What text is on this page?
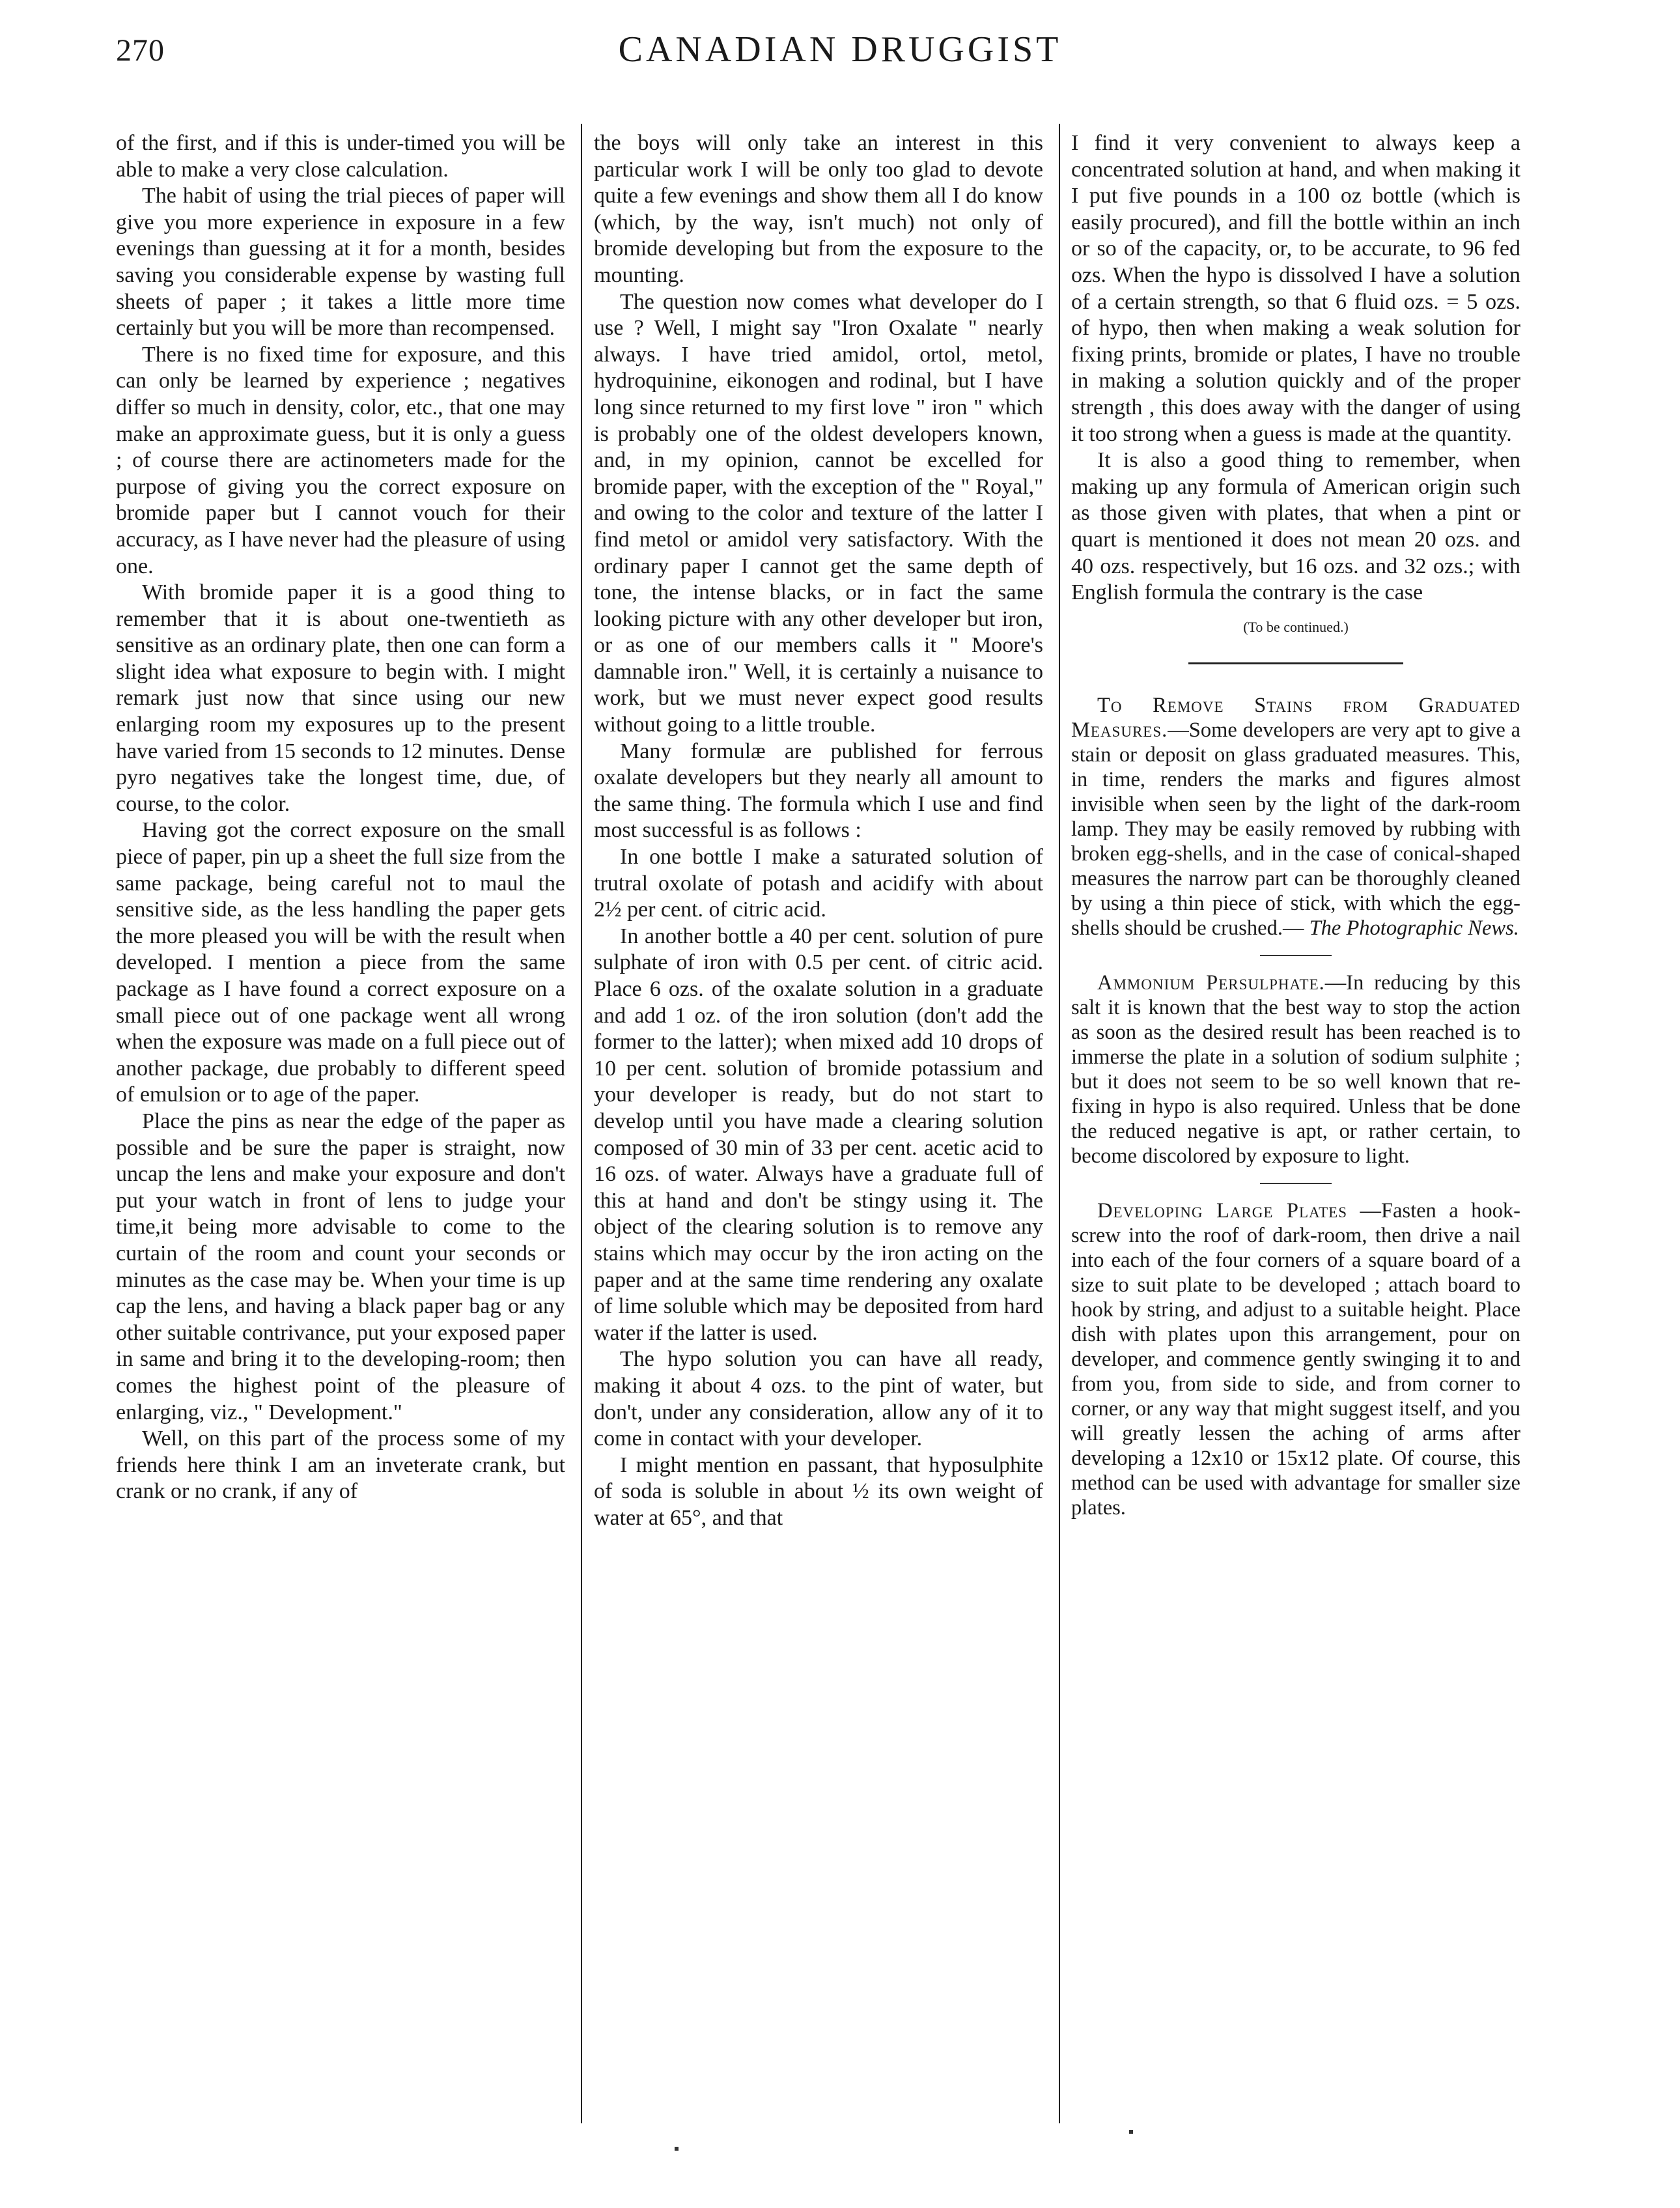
270	CANADIAN DRUGGIST

of the first, and if this is under-timed you will be able to make a very close calculation.

The habit of using the trial pieces of paper will give you more experience in exposure in a few evenings than guessing at it for a month, besides saving you considerable expense by wasting full sheets of paper ; it takes a little more time certainly but you will be more than recompensed.

There is no fixed time for exposure, and this can only be learned by experience ; negatives differ so much in density, color, etc., that one may make an approximate guess, but it is only a guess ; of course there are actinometers made for the purpose of giving you the correct exposure on bromide paper but I cannot vouch for their accuracy, as I have never had the pleasure of using one.

With bromide paper it is a good thing to remember that it is about one-twentieth as sensitive as an ordinary plate, then one can form a slight idea what exposure to begin with. I might remark just now that since using our new enlarging room my exposures up to the present have varied from 15 seconds to 12 minutes. Dense pyro negatives take the longest time, due, of course, to the color.

Having got the correct exposure on the small piece of paper, pin up a sheet the full size from the same package, being careful not to maul the sensitive side, as the less handling the paper gets the more pleased you will be with the result when developed. I mention a piece from the same package as I have found a correct exposure on a small piece out of one package went all wrong when the exposure was made on a full piece out of another package, due probably to different speed of emulsion or to age of the paper.

Place the pins as near the edge of the paper as possible and be sure the paper is straight, now uncap the lens and make your exposure and don't put your watch in front of lens to judge your time,it being more advisable to come to the curtain of the room and count your seconds or minutes as the case may be. When your time is up cap the lens, and having a black paper bag or any other suitable contrivance, put your exposed paper in same and bring it to the developing-room; then comes the highest point of the pleasure of enlarging, viz., " Development."

Well, on this part of the process some of my friends here think I am an inveterate crank, but crank or no crank, if any of

the boys will only take an interest in this particular work I will be only too glad to devote quite a few evenings and show them all I do know (which, by the way, isn't much) not only of bromide developing but from the exposure to the mounting.

The question now comes what developer do I use ? Well, I might say "Iron Oxalate " nearly always. I have tried amidol, ortol, metol, hydroquinine, eikonogen and rodinal, but I have long since returned to my first love " iron " which is probably one of the oldest developers known, and, in my opinion, cannot be excelled for bromide paper, with the exception of the " Royal," and owing to the color and texture of the latter I find metol or amidol very satisfactory. With the ordinary paper I cannot get the same depth of tone, the intense blacks, or in fact the same looking picture with any other developer but iron, or as one of our members calls it " Moore's damnable iron." Well, it is certainly a nuisance to work, but we must never expect good results without going to a little trouble.

Many formulæ are published for ferrous oxalate developers but they nearly all amount to the same thing. The formula which I use and find most successful is as follows :

In one bottle I make a saturated solution of trutral oxolate of potash and acidify with about 2½ per cent. of citric acid.

In another bottle a 40 per cent. solution of pure sulphate of iron with 0.5 per cent. of citric acid. Place 6 ozs. of the oxalate solution in a graduate and add 1 oz. of the iron solution (don't add the former to the latter); when mixed add 10 drops of 10 per cent. solution of bromide potassium and your developer is ready, but do not start to develop until you have made a clearing solution composed of 30 min of 33 per cent. acetic acid to 16 ozs. of water. Always have a graduate full of this at hand and don't be stingy using it. The object of the clearing solution is to remove any stains which may occur by the iron acting on the paper and at the same time rendering any oxalate of lime soluble which may be deposited from hard water if the latter is used.

The hypo solution you can have all ready, making it about 4 ozs. to the pint of water, but don't, under any consideration, allow any of it to come in contact with your developer.

I might mention en passant, that hyposulphite of soda is soluble in about ½ its own weight of water at 65°, and that

I find it very convenient to always keep a concentrated solution at hand, and when making it I put five pounds in a 100 oz bottle (which is easily procured), and fill the bottle within an inch or so of the capacity, or, to be accurate, to 96 fed ozs. When the hypo is dissolved I have a solution of a certain strength, so that 6 fluid ozs. = 5 ozs. of hypo, then when making a weak solution for fixing prints, bromide or plates, I have no trouble in making a solution quickly and of the proper strength , this does away with the danger of using it too strong when a guess is made at the quantity.

It is also a good thing to remember, when making up any formula of American origin such as those given with plates, that when a pint or quart is mentioned it does not mean 20 ozs. and 40 ozs. respectively, but 16 ozs. and 32 ozs.; with English formula the contrary is the case

(To be continued.)

To Remove Stains from Graduated Measures.—Some developers are very apt to give a stain or deposit on glass graduated measures. This, in time, renders the marks and figures almost invisible when seen by the light of the dark-room lamp. They may be easily removed by rubbing with broken egg-shells, and in the case of conical-shaped measures the narrow part can be thoroughly cleaned by using a thin piece of stick, with which the egg-shells should be crushed.— The Photographic News.

Ammonium Persulphate.—In reducing by this salt it is known that the best way to stop the action as soon as the desired result has been reached is to immerse the plate in a solution of sodium sulphite ; but it does not seem to be so well known that re-fixing in hypo is also required. Unless that be done the reduced negative is apt, or rather certain, to become discolored by exposure to light.

Developing Large Plates —Fasten a hook-screw into the roof of dark-room, then drive a nail into each of the four corners of a square board of a size to suit plate to be developed ; attach board to hook by string, and adjust to a suitable height. Place dish with plates upon this arrangement, pour on developer, and commence gently swinging it to and from you, from side to side, and from corner to corner, or any way that might suggest itself, and you will greatly lessen the aching of arms after developing a 12x10 or 15x12 plate. Of course, this method can be used with advantage for smaller size plates.
